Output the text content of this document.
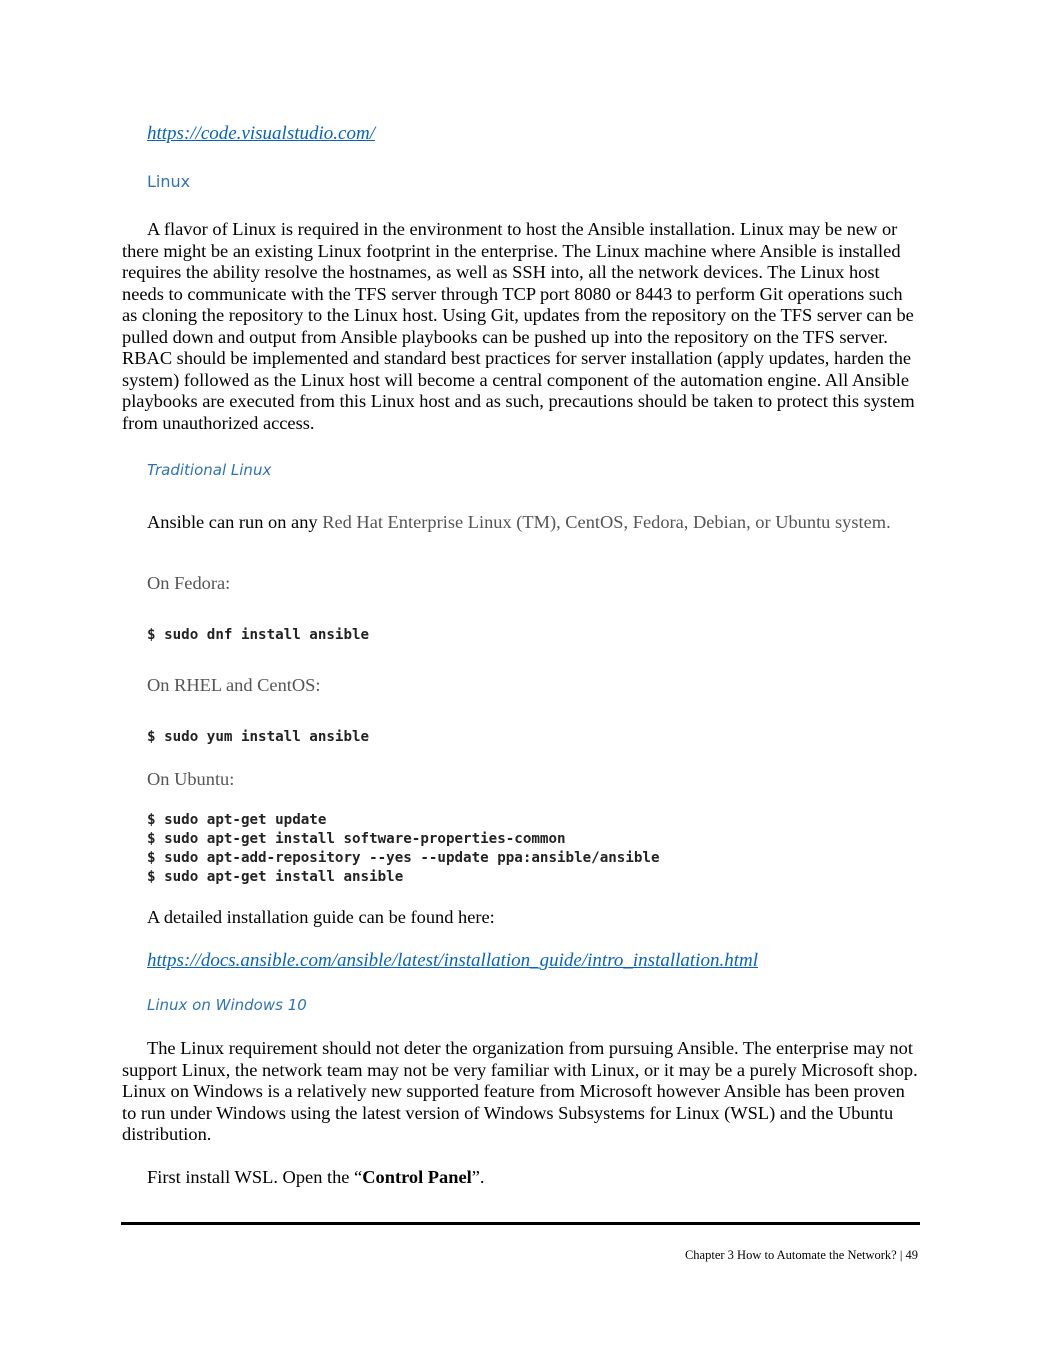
https://code.visualstudio.com/
Linux

A flavor of Linux is required in the environment to host the Ansible installation. Linux may be new or there might be an existing Linux footprint in the enterprise. The Linux machine where Ansible is installed requires the ability resolve the hostnames, as well as SSH into, all the network devices. The Linux host needs to communicate with the TFS server through TCP port 8080 or 8443 to perform Git operations such as cloning the repository to the Linux host. Using Git, updates from the repository on the TFS server can be pulled down and output from Ansible playbooks can be pushed up into the repository on the TFS server. RBAC should be implemented and standard best practices for server installation (apply updates, harden the system) followed as the Linux host will become a central component of the automation engine. All Ansible playbooks are executed from this Linux host and as such, precautions should be taken to protect this system from unauthorized access.

Traditional Linux
Ansible can run on any Red Hat Enterprise Linux (TM), CentOS, Fedora, Debian, or Ubuntu system.
On Fedora:
$ sudo dnf install ansible
On RHEL and CentOS:
$ sudo yum install ansible
On Ubuntu:
$ sudo apt-get update
$ sudo apt-get install software-properties-common
$ sudo apt-add-repository --yes --update ppa:ansible/ansible
$ sudo apt-get install ansible
A detailed installation guide can be found here:
https://docs.ansible.com/ansible/latest/installation_guide/intro_installation.html
Linux on Windows 10

The Linux requirement should not deter the organization from pursuing Ansible. The enterprise may not support Linux, the network team may not be very familiar with Linux, or it may be a purely Microsoft shop. Linux on Windows is a relatively new supported feature from Microsoft however Ansible has been proven to run under Windows using the latest version of Windows Subsystems for Linux (WSL) and the Ubuntu distribution.

First install WSL. Open the “Control Panel”.
Chapter 3 How to Automate the Network? | 49
